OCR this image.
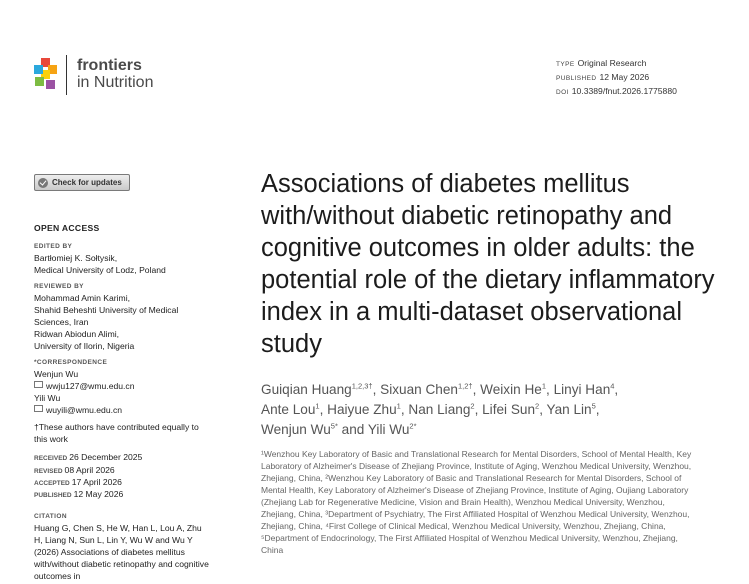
frontiers
in Nutrition
TYPE Original Research
PUBLISHED 12 May 2026
DOI 10.3389/fnut.2026.1775880
Check for updates
OPEN ACCESS
EDITED BY
Bartłomiej K. Sołtysik,
Medical University of Lodz, Poland
REVIEWED BY
Mohammad Amin Karimi,
Shahid Beheshti University of Medical Sciences, Iran
Ridwan Abiodun Alimi,
University of Ilorin, Nigeria
*CORRESPONDENCE
Wenjun Wu
wwju127@wmu.edu.cn
Yili Wu
wuyili@wmu.edu.cn
†These authors have contributed equally to this work
RECEIVED 26 December 2025
REVISED 08 April 2026
ACCEPTED 17 April 2026
PUBLISHED 12 May 2026
CITATION
Huang G, Chen S, He W, Han L, Lou A, Zhu H, Liang N, Sun L, Lin Y, Wu W and Wu Y (2026) Associations of diabetes mellitus with/without diabetic retinopathy and cognitive outcomes in
Associations of diabetes mellitus with/without diabetic retinopathy and cognitive outcomes in older adults: the potential role of the dietary inflammatory index in a multi-dataset observational study
Guiqian Huang$^{1,2,3\dagger}$, Sixuan Chen$^{1,2\dagger}$, Weixin He$^1$, Linyi Han$^4$,
Ante Lou$^1$, Haiyue Zhu$^1$, Nan Liang$^2$, Lifei Sun$^2$, Yan Lin$^5$,
Wenjun $Wu^{5*}$ and Yili $Wu^{2*}$
¹Wenzhou Key Laboratory of Basic and Translational Research for Mental Disorders, School of Mental Health, Key Laboratory of Alzheimer's Disease of Zhejiang Province, Institute of Aging, Wenzhou Medical University, Wenzhou, Zhejiang, China, ²Wenzhou Key Laboratory of Basic and Translational Research for Mental Disorders, School of Mental Health, Key Laboratory of Alzheimer's Disease of Zhejiang Province, Institute of Aging, Oujiang Laboratory (Zhejiang Lab for Regenerative Medicine, Vision and Brain Health), Wenzhou Medical University, Wenzhou, Zhejiang, China, ³Department of Psychiatry, The First Affiliated Hospital of Wenzhou Medical University, Wenzhou, Zhejiang, China, ⁴First College of Clinical Medical, Wenzhou Medical University, Wenzhou, Zhejiang, China, ⁵Department of Endocrinology, The First Affiliated Hospital of Wenzhou Medical University, Wenzhou, Zhejiang, China
